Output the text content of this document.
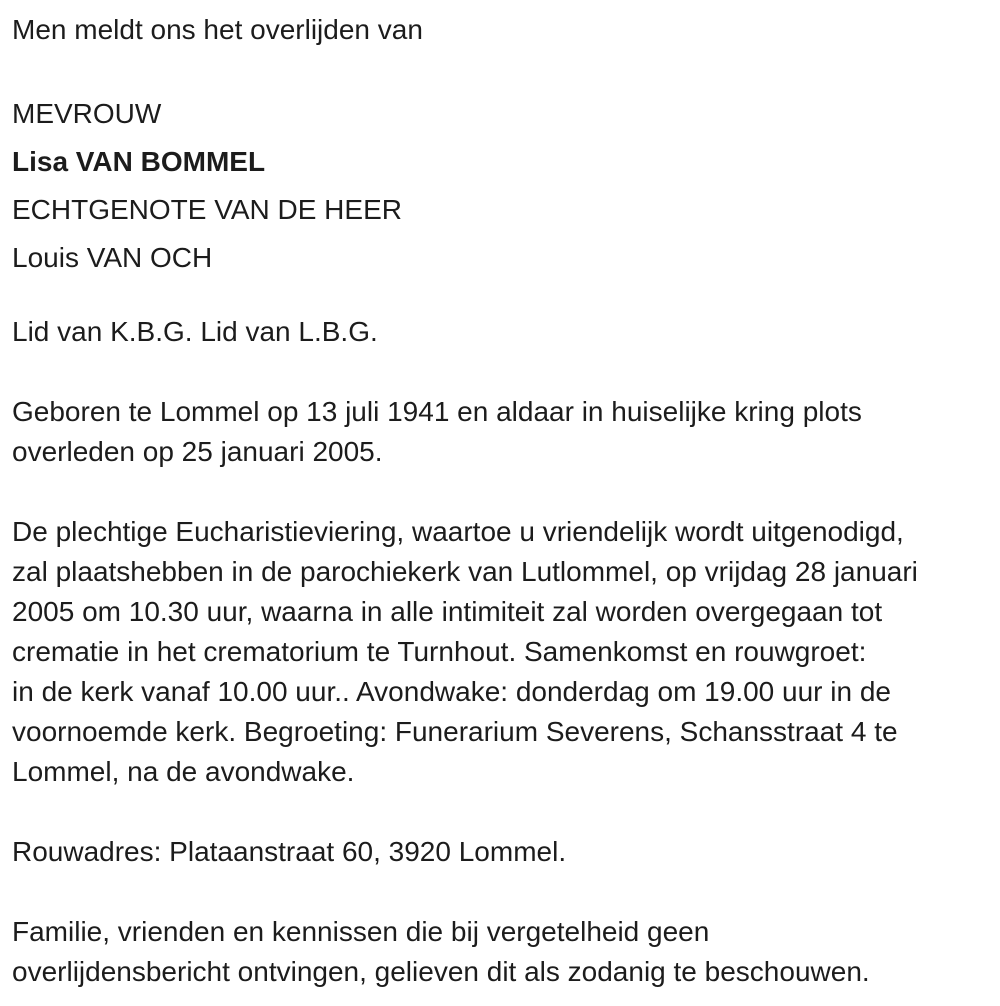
Men meldt ons het overlijden van
MEVROUW
Lisa VAN BOMMEL
ECHTGENOTE VAN DE HEER
Louis VAN OCH
Lid van K.B.G. Lid van L.B.G.
Geboren te Lommel op 13 juli 1941 en aldaar in huiselijke kring plots
overleden op 25 januari 2005.
De plechtige Eucharistieviering, waartoe u vriendelijk wordt uitgenodigd,
zal plaatshebben in de parochiekerk van Lutlommel, op vrijdag 28 januari
2005 om 10.30 uur, waarna in alle intimiteit zal worden overgegaan tot
crematie in het crematorium te Turnhout. Samenkomst en rouwgroet:
in de kerk vanaf 10.00 uur.. Avondwake: donderdag om 19.00 uur in de
voornoemde kerk. Begroeting: Funerarium Severens, Schansstraat 4 te
Lommel, na de avondwake.
Rouwadres: Plataanstraat 60, 3920 Lommel.
Familie, vrienden en kennissen die bij vergetelheid geen
overlijdensbericht ontvingen, gelieven dit als zodanig te beschouwen.
